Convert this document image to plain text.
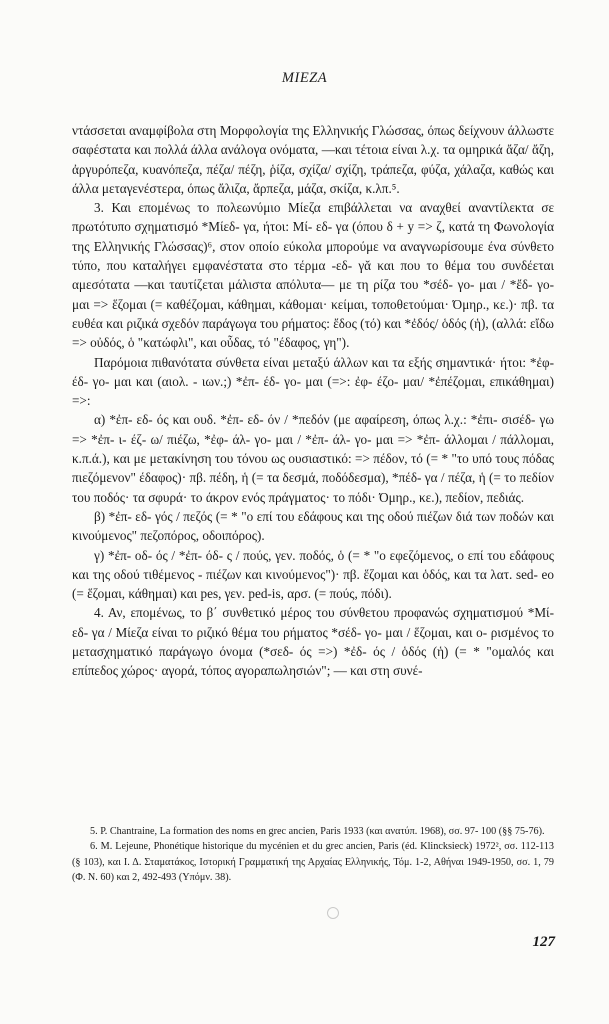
ΜΙΕΖΑ

ντάσσεται αναμφίβολα στη Μορφολογία της Ελληνικής Γλώσσας, όπως δείχνουν άλλωστε σαφέστατα και πολλά άλλα ανάλογα ονόματα, —και τέτοια είναι λ.χ. τα ομηρικά ἄζα/ ἄζη, ἀργυρόπεζα, κυανόπεζα, πέζα/ πέζη, ῥίζα, σχίζα/ σχίζη, τράπεζα, φύζα, χάλαζα, καθώς και άλλα μεταγενέστερα, όπως ἄλιζα, ἄρπεζα, μάζα, σκίζα, κ.λπ.⁵.

3. Και επομένως το πολεωνύμιο Μίεζα επιβάλλεται να αναχθεί αναντίλεκτα σε πρωτότυπο σχηματισμό *Μίεδ- γα, ήτοι: Μί- εδ- γα (όπου δ + y => ζ, κατά τη Φωνολογία της Ελληνικής Γλώσσας)⁶, στον οποίο εύκολα μπορούμε να αναγνωρίσουμε ένα σύνθετο τύπο, που καταλήγει εμφανέστατα στο τέρμα -εδ- γᾰ και που το θέμα του συνδέεται αμεσότατα —και ταυτίζεται μάλιστα απόλυτα— με τη ρίζα του *σέδ- γο- μαι / *ἔδ- γο- μαι => ἕζομαι (= καθέζομαι, κάθημαι, κάθομαι· κείμαι, τοποθετούμαι· Όμηρ., κε.)· πβ. τα ευθέα και ριζικά σχεδόν παράγωγα του ρήματος: ἔδος (τό) και *ἐδός/ ὁδός (ἡ), (αλλά: εἴδω => οὐδός, ὁ "κατώφλι", και οὖδας, τό "έδαφος, γη").

Παρόμοια πιθανότατα σύνθετα είναι μεταξύ άλλων και τα εξής σημαντικά· ήτοι: *ἐφ- έδ- γο- μαι και (αιολ. - ιων.;) *ἐπ- έδ- γο- μαι (=>: ἐφ- έζο- μαι/ *ἐπέζομαι, επικάθημαι) =>:

α) *ἐπ- εδ- ός και ουδ. *ἐπ- εδ- όν / *πεδόν (με αφαίρεση, όπως λ.χ.: *ἐπι- σισέδ- γω => *ἐπ- ι- έζ- ω/ πιέζω, *ἐφ- άλ- γο- μαι / *ἐπ- άλ- γο- μαι => *ἐπ- άλλομαι / πάλλομαι, κ.π.ά.), και με μετακίνηση του τόνου ως ουσιαστικό: => πέδον, τό (= * "το υπό τους πόδας πιεζόμενον" έδαφος)· πβ. πέδη, ἡ (= τα δεσμά, ποδόδεσμα), *πέδ- γα / πέζα, ἡ (= το πεδίον του ποδός· τα σφυρά· το άκρον ενός πράγματος· το πόδι· Όμηρ., κε.), πεδίον, πεδιάς.

β) *ἐπ- εδ- γός / πεζός (= * "ο επί του εδάφους και της οδού πιέζων διά των ποδών και κινούμενος" πεζοπόρος, οδοιπόρος).

γ) *ἐπ- οδ- ός / *ἐπ- όδ- ς / πούς, γεν. ποδός, ὁ (= * "ο εφεζόμενος, ο επί του εδάφους και της οδού τιθέμενος - πιέζων και κινούμενος")· πβ. ἕζομαι και ὁδός, και τα λατ. sed- eo (= ἕζομαι, κάθημαι) και pes, γεν. ped-is, αρσ. (= πούς, πόδι).

4. Αν, επομένως, το β΄ συνθετικό μέρος του σύνθετου προφανώς σχηματισμού *Μί- εδ- γα / Μίεζα είναι το ριζικό θέμα του ρήματος *σέδ- γο- μαι / ἕζομαι, και ο- ρισμένος το μετασχηματικό παράγωγο όνομα (*σεδ- ός =>) *ἐδ- ός / ὁδός (ἡ) (= * "ομαλός και επίπεδος χώρος· αγορά, τόπος αγοραπωλησιών"; — και στη συνέ-

5. P. Chantraine, La formation des noms en grec ancien, Paris 1933 (και ανατύπ. 1968), σσ. 97- 100 (§§ 75-76).

6. M. Lejeune, Phonétique historique du mycénien et du grec ancien, Paris (éd. Klincksieck) 1972², σσ. 112-113 (§ 103), και Ι. Δ. Σταματάκος, Ιστορική Γραμματική της Αρχαίας Ελληνικής, Τόμ. 1-2, Αθήναι 1949-1950, σσ. 1, 79 (Φ. Ν. 60) και 2, 492-493 (Υπόμν. 38).

127
